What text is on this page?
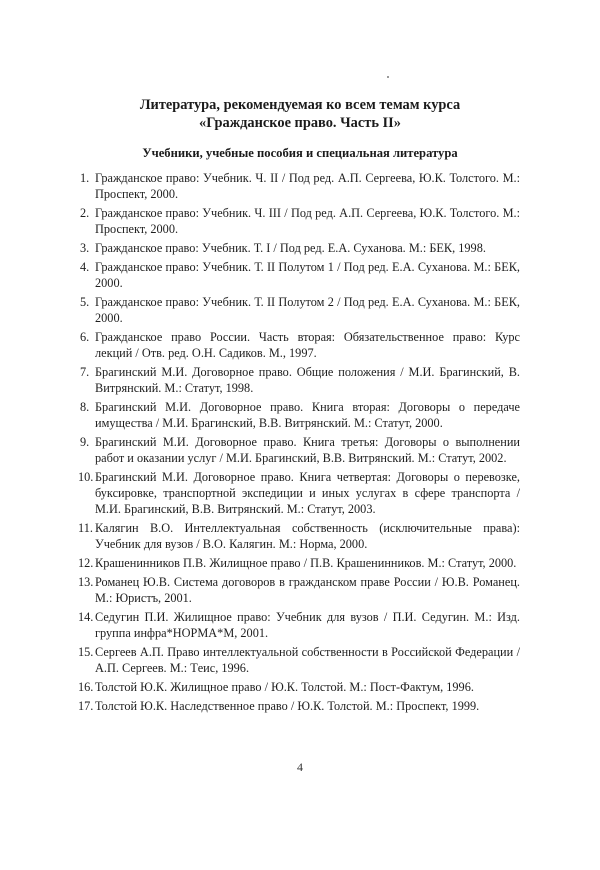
Литература, рекомендуемая ко всем темам курса
«Гражданское право. Часть II»
Учебники, учебные пособия и специальная литература
1. Гражданское право: Учебник. Ч. II / Под ред. А.П. Сергеева, Ю.К. Толстого. М.: Проспект, 2000.
2. Гражданское право: Учебник. Ч. III / Под ред. А.П. Сергеева, Ю.К. Толстого. М.: Проспект, 2000.
3. Гражданское право: Учебник. Т. I / Под ред. Е.А. Суханова. М.: БЕК, 1998.
4. Гражданское право: Учебник. Т. II Полутом 1 / Под ред. Е.А. Суханова. М.: БЕК, 2000.
5. Гражданское право: Учебник. Т. II Полутом 2 / Под ред. Е.А. Суханова. М.: БЕК, 2000.
6. Гражданское право России. Часть вторая: Обязательственное право: Курс лекций / Отв. ред. О.Н. Садиков. М., 1997.
7. Брагинский М.И. Договорное право. Общие положения / М.И. Брагинский, В. Витрянский. М.: Статут, 1998.
8. Брагинский М.И. Договорное право. Книга вторая: Договоры о передаче имущества / М.И. Брагинский, В.В. Витрянский. М.: Статут, 2000.
9. Брагинский М.И. Договорное право. Книга третья: Договоры о выполнении работ и оказании услуг / М.И. Брагинский, В.В. Витрянский. М.: Статут, 2002.
10. Брагинский М.И. Договорное право. Книга четвертая: Договоры о перевозке, буксировке, транспортной экспедиции и иных услугах в сфере транспорта / М.И. Брагинский, В.В. Витрянский. М.: Статут, 2003.
11. Калягин В.О. Интеллектуальная собственность (исключительные права): Учебник для вузов / В.О. Калягин. М.: Норма, 2000.
12. Крашенинников П.В. Жилищное право / П.В. Крашенинников. М.: Статут, 2000.
13. Романец Ю.В. Система договоров в гражданском праве России / Ю.В. Романец. М.: Юристъ, 2001.
14. Седугин П.И. Жилищное право: Учебник для вузов / П.И. Седугин. М.: Изд. группа инфра*НОРМА*М, 2001.
15. Сергеев А.П. Право интеллектуальной собственности в Российской Федерации / А.П. Сергеев. М.: Тeис, 1996.
16. Толстой Ю.К. Жилищное право / Ю.К. Толстой. М.: Пост-Фактум, 1996.
17. Толстой Ю.К. Наследственное право / Ю.К. Толстой. М.: Проспект, 1999.
4
